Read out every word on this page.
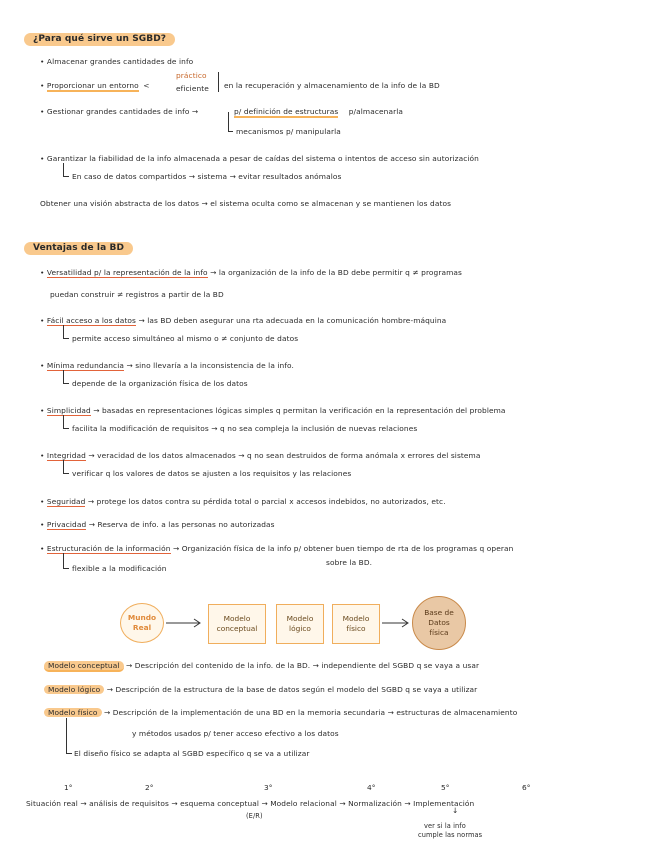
¿Para qué sirve un SGBD?
• Almacenar grandes cantidades de info
• Proporcionar un entorno <
práctico
eficiente en la recuperación y almacenamiento de la info de la BD
• Gestionar grandes cantidades de info →	p/ definición de estructuras p/almacenarla
mecanismos p/ manipularla
• Garantizar la fiabilidad de la info almacenada a pesar de caídas del sistema o intentos de acceso sin autorización
En caso de datos compartidos → sistema → evitar resultados anómalos
Obtener una visión abstracta de los datos → el sistema oculta como se almacenan y se mantienen los datos
Ventajas de la BD
• Versatilidad p/ la representación de la info → la organización de la info de la BD debe permitir q ≠ programas
puedan construir ≠ registros a partir de la BD
• Fácil acceso a los datos → las BD deben asegurar una rta adecuada en la comunicación hombre-máquina
permite acceso simultáneo al mismo o ≠ conjunto de datos
• Mínima redundancia → sino llevaría a la inconsistencia de la info.
depende de la organización física de los datos
• Simplicidad → basadas en representaciones lógicas simples q permitan la verificación en la representación del problema
facilita la modificación de requisitos → q no sea compleja la inclusión de nuevas relaciones
• Integridad → veracidad de los datos almacenados → q no sean destruidos de forma anómala x errores del sistema
verificar q los valores de datos se ajusten a los requisitos y las relaciones
• Seguridad → protege los datos contra su pérdida total o parcial x accesos indebidos, no autorizados, etc.
• Privacidad → Reserva de info. a las personas no autorizadas
• Estructuración de la información → Organización física de la info p/ obtener buen tiempo de rta de los programas q operan
sobre la BD.
flexible a la modificación
Mundo
Real
Modelo
conceptual
Modelo
lógico
Modelo
físico
Base de
Datos
física
Modelo conceptual → Descripción del contenido de la info. de la BD. → independiente del SGBD q se vaya a usar
Modelo lógico → Descripción de la estructura de la base de datos según el modelo del SGBD q se vaya a utilizar
Modelo físico → Descripción de la implementación de una BD en la memoria secundaria → estructuras de almacenamiento
y métodos usados p/ tener acceso efectivo a los datos
El diseño físico se adapta al SGBD específico q se va a utilizar
1°	2°	3°	4°	5°	6°
Situación real → análisis de requisitos → esquema conceptual → Modelo relacional → Normalización → Implementación
(E/R)
↓
ver si la info
cumple las normas
